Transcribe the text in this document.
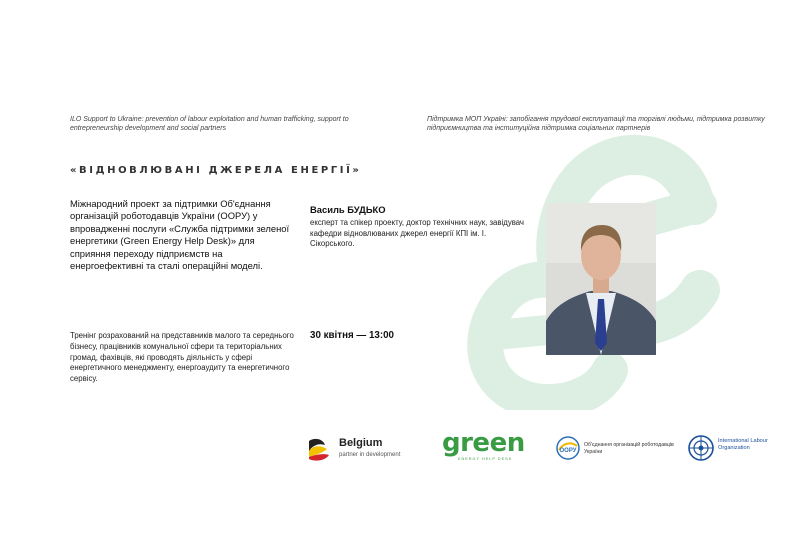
ILO Support to Ukraine: prevention of labour exploitation and human trafficking, support to entrepreneurship development and social partners
Підтримка МОП Україні: запобігання трудової експлуатації та торгівлі людьми, підтримка розвитку підприємництва та інституційна підтримка соціальних партнерів
«ВІДНОВЛЮВАНІ ДЖЕРЕЛА ЕНЕРГІЇ»
Міжнародний проект за підтримки Об'єднання організацій роботодавців України (ООРУ) у впровадженні послуги «Служба підтримки зеленої енергетики (Green Energy Help Desk)» для сприяння переходу підприємств на енергоефективні та сталі операційні моделі.
Тренінг розрахований на представників малого та середнього бізнесу, працівників комунальної сфери та територіальних громад, фахівців, які проводять діяльність у сфері енергетичного менеджменту, енергоаудиту та енергетичного сервісу.
Василь БУДЬКО
експерт та спікер проекту, доктор технічних наук, завідувач кафедри відновлюваних джерел енергії КПІ ім. І. Сікорського.
30 квітня — 13:00
Belgium
partner in development green
ENERGY HELP DESK
ООРУ
Об'єднання організацій роботодавців України
International Labour Organization
